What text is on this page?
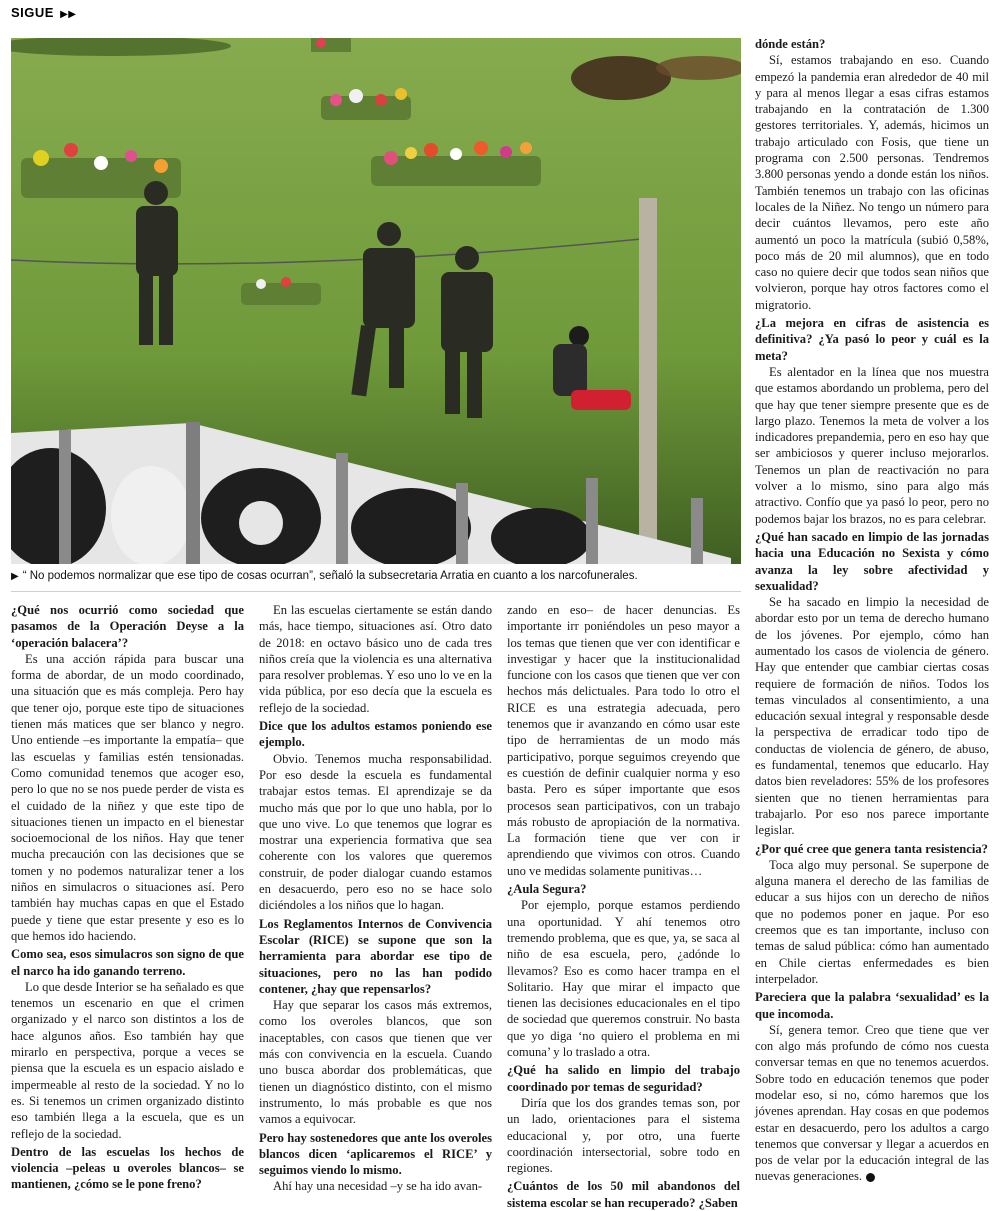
SIGUE ▶▶
▶ “ No podemos normalizar que ese tipo de cosas ocurran”, señaló la subsecretaria Arratia en cuanto a los narcofunerales.

¿Qué nos ocurrió como sociedad que pasamos de la Operación Deyse a la ‘operación balacera’?

Es una acción rápida para buscar una forma de abordar, de un modo coordinado, una situación que es más compleja. Pero hay que tener ojo, porque este tipo de situaciones tienen más matices que ser blanco y negro. Uno entiende –es importante la empatía– que las escuelas y familias estén tensionadas. Como comunidad tenemos que acoger eso, pero lo que no se nos puede perder de vista es el cuidado de la niñez y que este tipo de situaciones tienen un impacto en el bienestar socioemocional de los niños. Hay que tener mucha precaución con las decisiones que se tomen y no podemos naturalizar tener a los niños en simulacros o situaciones así. Pero también hay muchas capas en que el Estado puede y tiene que estar presente y eso es lo que hemos ido haciendo.

Como sea, esos simulacros son signo de que el narco ha ido ganando terreno.

Lo que desde Interior se ha señalado es que tenemos un escenario en que el crimen organizado y el narco son distintos a los de hace algunos años. Eso también hay que mirarlo en perspectiva, porque a veces se piensa que la escuela es un espacio aislado e impermeable al resto de la sociedad. Y no lo es. Si tenemos un crimen organizado distinto eso también llega a la escuela, que es un reflejo de la sociedad.

Dentro de las escuelas los hechos de violencia –peleas u overoles blancos– se mantienen, ¿cómo se le pone freno?

En las escuelas ciertamente se están dando más, hace tiempo, situaciones así. Otro dato de 2018: en octavo básico uno de cada tres niños creía que la violencia es una alternativa para resolver problemas. Y eso uno lo ve en la vida pública, por eso decía que la escuela es reflejo de la sociedad.

Dice que los adultos estamos poniendo ese ejemplo.

Obvio. Tenemos mucha responsabilidad. Por eso desde la escuela es fundamental trabajar estos temas. El aprendizaje se da mucho más que por lo que uno habla, por lo que uno vive. Lo que tenemos que lograr es mostrar una experiencia formativa que sea coherente con los valores que queremos construir, de poder dialogar cuando estamos en desacuerdo, pero eso no se hace solo diciéndoles a los niños que lo hagan.

Los Reglamentos Internos de Convivencia Escolar (RICE) se supone que son la herramienta para abordar ese tipo de situaciones, pero no las han podido contener, ¿hay que repensarlos?

Hay que separar los casos más extremos, como los overoles blancos, que son inaceptables, con casos que tienen que ver más con convivencia en la escuela. Cuando uno busca abordar dos problemáticas, que tienen un diagnóstico distinto, con el mismo instrumento, lo más probable es que nos vamos a equivocar.

Pero hay sostenedores que ante los overoles blancos dicen ‘aplicaremos el RICE’ y seguimos viendo lo mismo.

Ahí hay una necesidad –y se ha ido avan-

zando en eso– de hacer denuncias. Es importante irr poniéndoles un peso mayor a los temas que tienen que ver con identificar e investigar y hacer que la institucionalidad funcione con los casos que tienen que ver con hechos más delictuales. Para todo lo otro el RICE es una estrategia adecuada, pero tenemos que ir avanzando en cómo usar este tipo de herramientas de un modo más participativo, porque seguimos creyendo que es cuestión de definir cualquier norma y eso basta. Pero es súper importante que esos procesos sean participativos, con un trabajo más robusto de apropiación de la normativa. La formación tiene que ver con ir aprendiendo que vivimos con otros. Cuando uno ve medidas solamente punitivas…

¿Aula Segura?

Por ejemplo, porque estamos perdiendo una oportunidad. Y ahí tenemos otro tremendo problema, que es que, ya, se saca al niño de esa escuela, pero, ¿adónde lo llevamos? Eso es como hacer trampa en el Solitario. Hay que mirar el impacto que tienen las decisiones educacionales en el tipo de sociedad que queremos construir. No basta que yo diga ‘no quiero el problema en mi comuna’ y lo traslado a otra.

¿Qué ha salido en limpio del trabajo coordinado por temas de seguridad?

Diría que los dos grandes temas son, por un lado, orientaciones para el sistema educacional y, por otro, una fuerte coordinación intersectorial, sobre todo en regiones.

¿Cuántos de los 50 mil abandonos del sistema escolar se han recuperado? ¿Saben

dónde están?

Sí, estamos trabajando en eso. Cuando empezó la pandemia eran alrededor de 40 mil y para al menos llegar a esas cifras estamos trabajando en la contratación de 1.300 gestores territoriales. Y, además, hicimos un trabajo articulado con Fosis, que tiene un programa con 2.500 personas. Tendremos 3.800 personas yendo a donde están los niños. También tenemos un trabajo con las oficinas locales de la Niñez. No tengo un número para decir cuántos llevamos, pero este año aumentó un poco la matrícula (subió 0,58%, poco más de 20 mil alumnos), que en todo caso no quiere decir que todos sean niños que volvieron, porque hay otros factores como el migratorio.

¿La mejora en cifras de asistencia es definitiva? ¿Ya pasó lo peor y cuál es la meta?

Es alentador en la línea que nos muestra que estamos abordando un problema, pero del que hay que tener siempre presente que es de largo plazo. Tenemos la meta de volver a los indicadores prepandemia, pero en eso hay que ser ambiciosos y querer incluso mejorarlos. Tenemos un plan de reactivación no para volver a lo mismo, sino para algo más atractivo. Confío que ya pasó lo peor, pero no podemos bajar los brazos, no es para celebrar.

¿Qué han sacado en limpio de las jornadas hacia una Educación no Sexista y cómo avanza la ley sobre afectividad y sexualidad?

Se ha sacado en limpio la necesidad de abordar esto por un tema de derecho humano de los jóvenes. Por ejemplo, cómo han aumentado los casos de violencia de género. Hay que entender que cambiar ciertas cosas requiere de formación de niños. Todos los temas vinculados al consentimiento, a una educación sexual integral y responsable desde la perspectiva de erradicar todo tipo de conductas de violencia de género, de abuso, es fundamental, tenemos que educarlo. Hay datos bien reveladores: 55% de los profesores sienten que no tienen herramientas para trabajarlo. Por eso nos parece importante legislar.

¿Por qué cree que genera tanta resistencia?

Toca algo muy personal. Se superpone de alguna manera el derecho de las familias de educar a sus hijos con un derecho de niños que no podemos poner en jaque. Por eso creemos que es tan importante, incluso con temas de salud pública: cómo han aumentado en Chile ciertas enfermedades es bien interpelador.

Pareciera que la palabra ‘sexualidad’ es la que incomoda.

Sí, genera temor. Creo que tiene que ver con algo más profundo de cómo nos cuesta conversar temas en que no tenemos acuerdos. Sobre todo en educación tenemos que poder modelar eso, si no, cómo haremos que los jóvenes aprendan. Hay cosas en que podemos estar en desacuerdo, pero los adultos a cargo tenemos que conversar y llegar a acuerdos en pos de velar por la educación integral de las nuevas generaciones.
